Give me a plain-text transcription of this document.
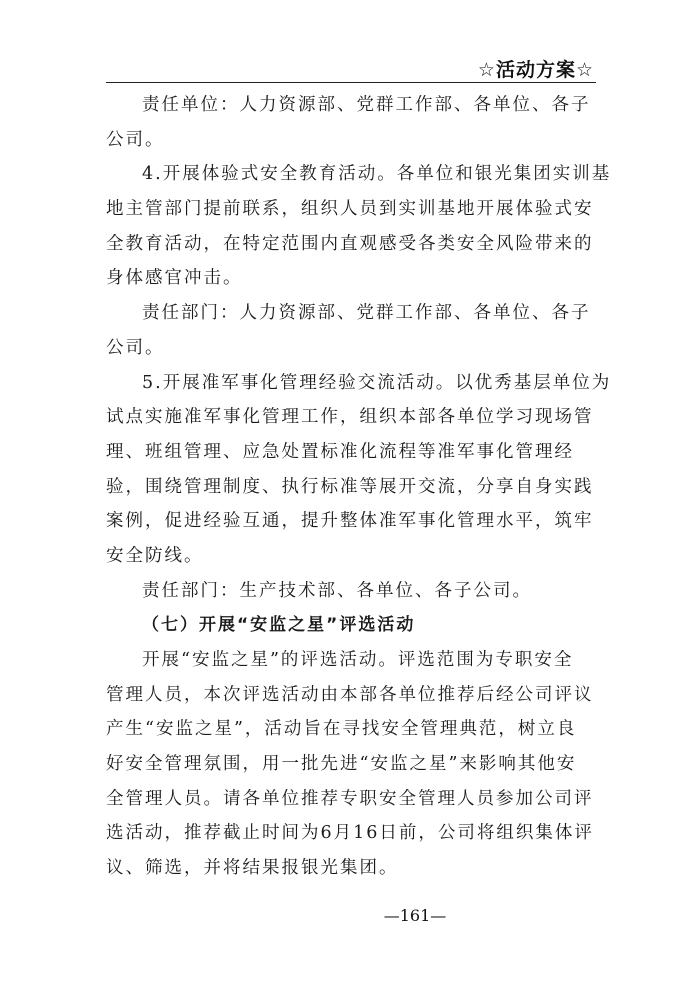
☆活动方案☆
责任单位：人力资源部、党群工作部、各单位、各子
公司。
4.开展体验式安全教育活动。各单位和银光集团实训基
地主管部门提前联系，组织人员到实训基地开展体验式安
全教育活动，在特定范围内直观感受各类安全风险带来的
身体感官冲击。
责任部门：人力资源部、党群工作部、各单位、各子
公司。
5.开展准军事化管理经验交流活动。以优秀基层单位为
试点实施准军事化管理工作，组织本部各单位学习现场管
理、班组管理、应急处置标准化流程等准军事化管理经
验，围绕管理制度、执行标准等展开交流，分享自身实践
案例，促进经验互通，提升整体准军事化管理水平，筑牢
安全防线。
责任部门：生产技术部、各单位、各子公司。
（七）开展“安监之星”评选活动
开展“安监之星”的评选活动。评选范围为专职安全
管理人员，本次评选活动由本部各单位推荐后经公司评议
产生“安监之星”，活动旨在寻找安全管理典范，树立良
好安全管理氛围，用一批先进“安监之星”来影响其他安
全管理人员。请各单位推荐专职安全管理人员参加公司评
选活动，推荐截止时间为6月16日前，公司将组织集体评
议、筛选，并将结果报银光集团。
—161—
